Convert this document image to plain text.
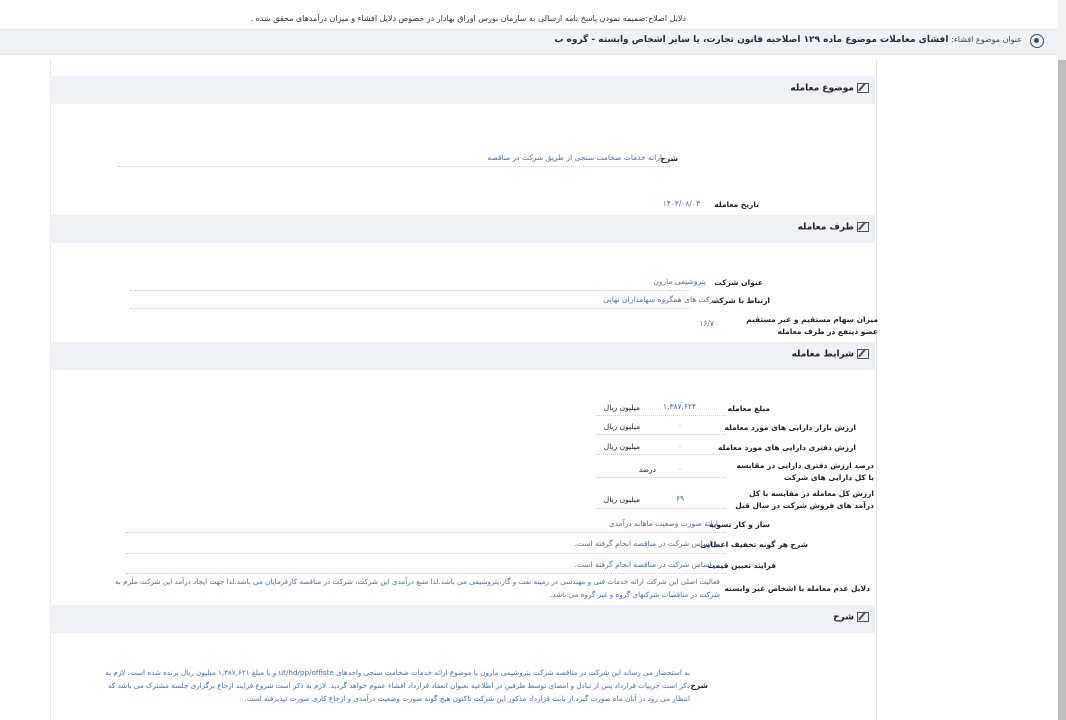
دلایل اصلاح:ضمیمه نمودن پاسخ نامه ارسالی به سازمان بورس اوراق بهادار در خصوص دلایل افشاء و میزان درآمدهای محقق شده .
عنوان موضوع افشاء: افشای معاملات موضوع ماده ۱۲۹ اصلاحیه قانون تجارت، یا سایر اشخاص وابسته - گروه ب
موضوع معامله
شرح
ارائه خدمات ضخامت سنجی از طریق شرکت در مناقصه
تاریخ معامله
۱۴۰۳/۰۸/۰۳
طرف معامله
عنوان شرکت
پتروشیمی مارون
ارتباط با شرکت
شرکت های همگروه سهامداران نهایی
میزان سهام مستقیم و غیر مستقیم عضو ذینفع در طرف معامله
۱۶/۷۰
شرایط معامله
مبلغ معامله
۱,۳۸۷,۶۲۴
میلیون ریال
ارزش بازار دارایی های مورد معامله
۰
میلیون ریال
ارزش دفتری دارایی های مورد معامله
۰
میلیون ریال
درصد ارزش دفتری دارایی در مقایسه با کل دارایی های شرکت
۰
درصد
ارزش کل معامله در مقایسه با کل درآمد های فروش شرکت در سال قبل
۶۹
میلیون ریال
ساز و کار تسویه
ارائه صورت وضعیت ماهانه درآمدی
شرح هر گونه تخفیف اعطایی
بر اساس شرکت در مناقصه انجام گرفته است.
فرایند تعیین قیمت
بر اساس شرکت در مناقصه انجام گرفته است.
دلایل عدم معامله با اشخاص غیر وابسته
فعالیت اصلی این شرکت ارائه خدمات فنی و مهندسی در زمینه نفت و گاز،پتروشیمی می باشد.لذا منبع درآمدی این شرکت، شرکت در مناقصه کارفرمایان می باشد.لذا جهت ایجاد درآمد این شرکت ملزم به شرکت در مناقصات شرکتهای گروه و غیر گروه می باشد.
شرح
شرح
به استحضار می رساند این شرکت در مناقصه شرکت پتروشیمی مارون با موضوع ارائه خدمات ضخامت سنجی واحدهای ut/hd/pp/offiste و با مبلغ ۱,۳۸۷,۶۲۱ میلیون ریال برنده شده است. لازم به ذکر است جزییات قرارداد پس از تبادل و امضای توسط طرفین در اطلاعیه بعنوان انعقاد قرارداد افشاء عموم خواهد گردید. لازم به ذکر است شروع فرایند ارجاع برگزاری جلسه مشترک می باشد که انتظار می رود در آبان ماه صورت گیرد.از بابت قرارداد مذکور این شرکت تاکنون هیچ گونه صورت وضعیت درآمدی و ارجاع کاری صورت نپذیرفته است.
